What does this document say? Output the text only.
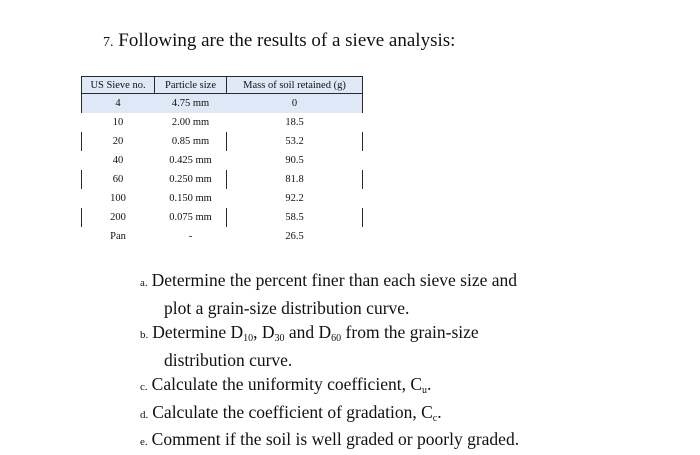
7. Following are the results of a sieve analysis:
US Sieve no.	Particle size	Mass of soil retained (g)
4	4.75 mm	0
10	2.00 mm	18.5
20	0.85 mm	53.2
40	0.425 mm	90.5
60	0.250 mm	81.8
100	0.150 mm	92.2
200	0.075 mm	58.5
Pan	-	26.5
a. Determine the percent finer than each sieve size and
plot a grain-size distribution curve.
b. Determine $D_{10}$, $D_{30}$ and $D_{60}$ from the grain-size
distribution curve.
c. Calculate the uniformity coefficient, $C_u$.
d. Calculate the coefficient of gradation, $C_c$.
e. Comment if the soil is well graded or poorly graded.
